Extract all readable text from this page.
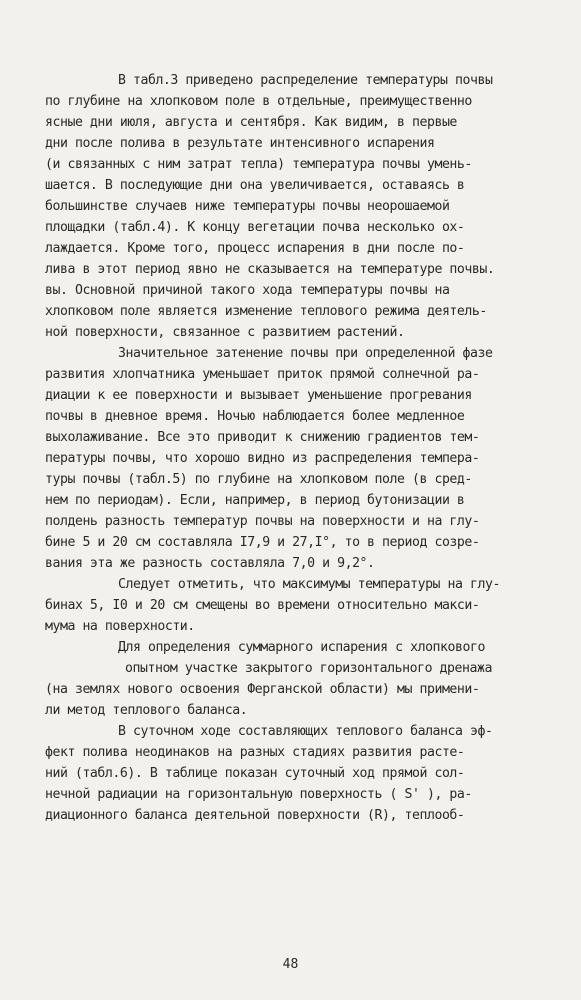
В табл.3 приведено распределение температуры почвы
по глубине на хлопковом поле в отдельные, преимущественно
ясные дни июля, августа и сентября. Как видим, в первые
дни после полива в результате интенсивного испарения
(и связанных с ним затрат тепла) температура почвы умень-
шается. В последующие дни она увеличивается, оставаясь в
большинстве случаев ниже температуры почвы неорошаемой
площадки (табл.4). К концу вегетации почва несколько ох-
лаждается. Кроме того, процесс испарения в дни после по-
лива в этот период явно не сказывается на температуре почвы.
вы. Основной причиной такого хода температуры почвы на
хлопковом поле является изменение теплового режима деятель-
ной поверхности, связанное с развитием растений.
Значительное затенение почвы при определенной фазе
развития хлопчатника уменьшает приток прямой солнечной ра-
диации к ее поверхности и вызывает уменьшение прогревания
почвы в дневное время. Ночью наблюдается более медленное
выхолаживание. Все это приводит к снижению градиентов тем-
пературы почвы, что хорошо видно из распределения темпера-
туры почвы (табл.5) по глубине на хлопковом поле (в сред-
нем по периодам). Если, например, в период бутонизации в
полдень разность температур почвы на поверхности и на глу-
бине 5 и 20 см составляла I7,9 и 27,I°, то в период созре-
вания эта же разность составляла 7,0 и 9,2°.
Следует отметить, что максимумы температуры на глу-
бинах 5, I0 и 20 см смещены во времени относительно макси-
мума на поверхности.
Для определения суммарного испарения с хлопкового
опытном участке закрытого горизонтального дренажа
(на землях нового освоения Ферганской области) мы примени-
ли метод теплового баланса.
В суточном ходе составляющих теплового баланса эф-
фект полива неодинаков на разных стадиях развития расте-
ний (табл.6). В таблице показан суточный ход прямой сол-
нечной радиации на горизонтальную поверхность ( S' ), ра-
диационного баланса деятельной поверхности (R), теплооб-
48
